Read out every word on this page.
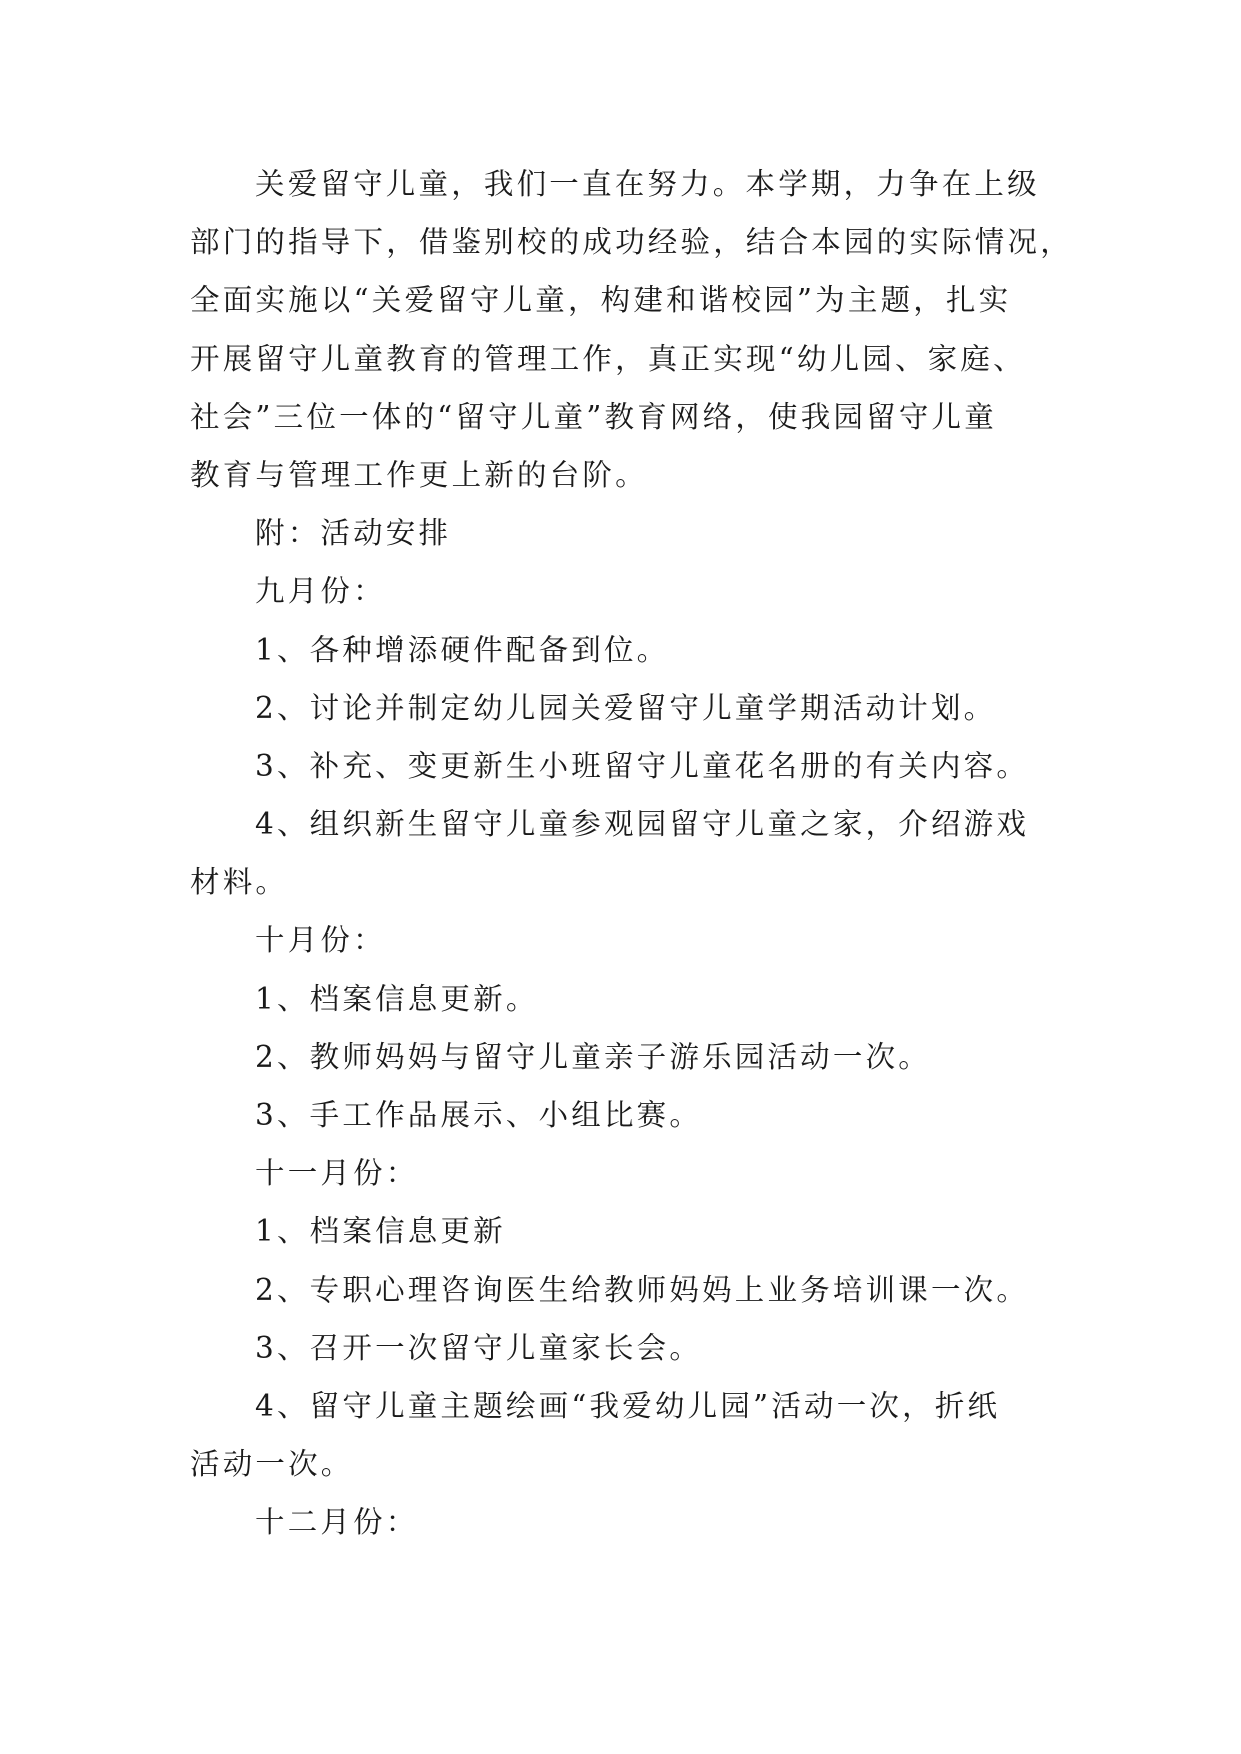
关爱留守儿童，我们一直在努力。本学期，力争在上级
部门的指导下，借鉴别校的成功经验，结合本园的实际情况，
全面实施以“关爱留守儿童，构建和谐校园”为主题，扎实
开展留守儿童教育的管理工作，真正实现“幼儿园、家庭、
社会”三位一体的“留守儿童”教育网络，使我园留守儿童
教育与管理工作更上新的台阶。
附：活动安排
九月份：
1、各种增添硬件配备到位。
2、讨论并制定幼儿园关爱留守儿童学期活动计划。
3、补充、变更新生小班留守儿童花名册的有关内容。
4、组织新生留守儿童参观园留守儿童之家，介绍游戏
材料。
十月份：
1、档案信息更新。
2、教师妈妈与留守儿童亲子游乐园活动一次。
3、手工作品展示、小组比赛。
十一月份：
1、档案信息更新
2、专职心理咨询医生给教师妈妈上业务培训课一次。
3、召开一次留守儿童家长会。
4、留守儿童主题绘画“我爱幼儿园”活动一次，折纸
活动一次。
十二月份：
